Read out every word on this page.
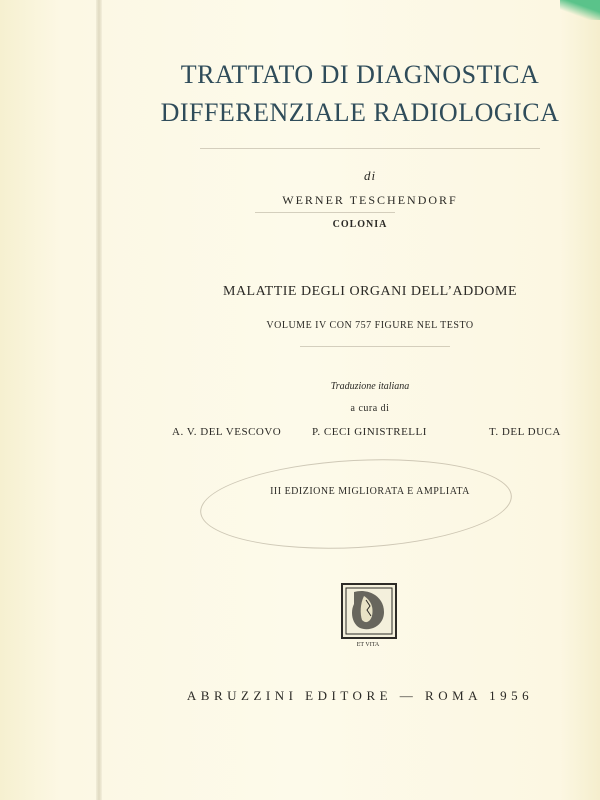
TRATTATO DI DIAGNOSTICA
DIFFERENZIALE RADIOLOGICA
di
WERNER TESCHENDORF
COLONIA
MALATTIE DEGLI ORGANI DELL’ADDOME
VOLUME IV CON 757 FIGURE NEL TESTO
Traduzione italiana
a cura di
A. V. DEL VESCOVO	P. CECI GINISTRELLI	T. DEL DUCA
III EDIZIONE MIGLIORATA E AMPLIATA
ET VITA
ABRUZZINI EDITORE — ROMA 1956
